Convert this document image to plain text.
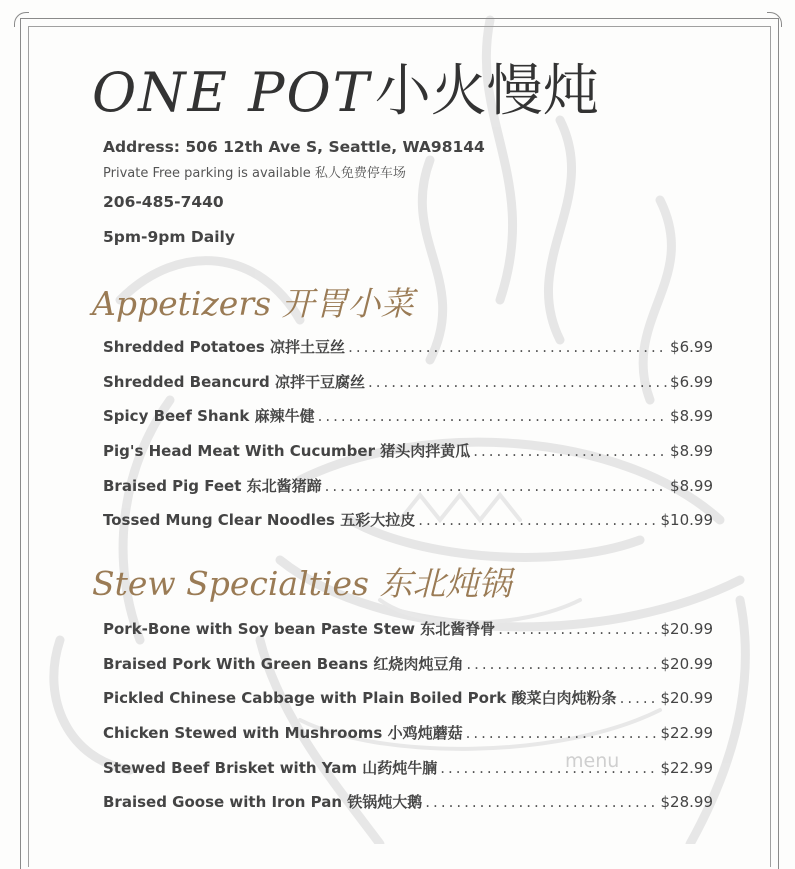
ONE POT 小火慢炖
Address: 506 12th Ave S, Seattle, WA98144
Private Free parking is available 私人免费停车场
206-485-7440
5pm-9pm Daily
Appetizers 开胃小菜
Shredded Potatoes 凉拌土豆丝 .....	$6.99
Shredded Beancurd 凉拌干豆腐丝 .....	$6.99
Spicy Beef Shank 麻辣牛健 .....	$8.99
Pig's Head Meat With Cucumber 猪头肉拌黄瓜 .....	$8.99
Braised Pig Feet 东北酱猪蹄 .....	$8.99
Tossed Mung Clear Noodles 五彩大拉皮 .....	$10.99
Stew Specialties 东北炖锅
Pork-Bone with Soy bean Paste Stew 东北酱脊骨 .....	$20.99
Braised Pork With Green Beans 红烧肉炖豆角 .....	$20.99
Pickled Chinese Cabbage with Plain Boiled Pork 酸菜白肉炖粉条 .....	$20.99
Chicken Stewed with Mushrooms 小鸡炖蘑菇 .....	$22.99
Stewed Beef Brisket with Yam 山药炖牛腩 .....	$22.99
Braised Goose with Iron Pan 铁锅炖大鹅 .....	$28.99
menu
